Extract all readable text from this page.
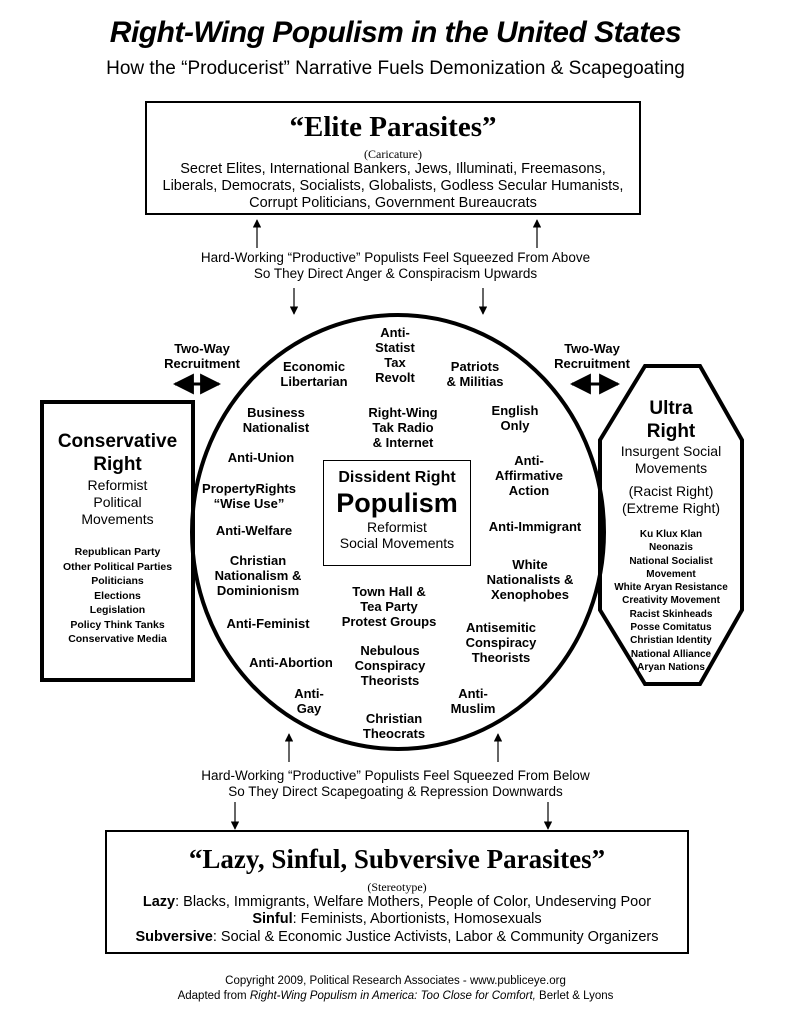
Right-Wing Populism in the United States
How the “Producerist” Narrative Fuels Demonization & Scapegoating
“Elite Parasites”
(Caricature)
Secret Elites, International Bankers, Jews, Illuminati, Freemasons,
Liberals, Democrats, Socialists, Globalists, Godless Secular Humanists,
Corrupt Politicians, Government Bureaucrats
Hard-Working “Productive” Populists Feel Squeezed From Above
So They Direct Anger & Conspiracism Upwards
Two-Way
Recruitment
Two-Way
Recruitment
Conservative
Right
Reformist
Political
Movements
Republican Party
Other Political Parties
Politicians
Elections
Legislation
Policy Think Tanks
Conservative Media
Ultra
Right
Insurgent Social
Movements
(Racist Right)
(Extreme Right)
Ku Klux Klan
Neonazis
National Socialist
Movement
White Aryan Resistance
Creativity Movement
Racist Skinheads
Posse Comitatus
Christian Identity
National Alliance
Aryan Nations
Dissident Right
Populism
Reformist
Social Movements
Anti-
Statist
Tax
Revolt
Economic
Libertarian
Patriots
& Militias
Business
Nationalist
Right-Wing
Tak Radio
& Internet
English
Only
Anti-Union
PropertyRights
“Wise Use”
Anti-
Affirmative
Action
Anti-Welfare	Anti-Immigrant
Christian
Nationalism &
Dominionism
White
Nationalists &
Xenophobes
Town Hall &
Tea Party
Protest Groups
Anti-Feminist	Antisemitic
Conspiracy
Theorists
Nebulous
Conspiracy
Theorists
Anti-Abortion
Anti-
Gay
Anti-
Muslim
Christian
Theocrats
Hard-Working “Productive” Populists Feel Squeezed From Below
So They Direct Scapegoating & Repression Downwards
“Lazy, Sinful, Subversive Parasites”
(Stereotype)
Lazy: Blacks, Immigrants, Welfare Mothers, People of Color, Undeserving Poor
Sinful: Feminists, Abortionists, Homosexuals
Subversive: Social & Economic Justice Activists, Labor & Community Organizers
Copyright 2009, Political Research Associates - www.publiceye.org
Adapted from Right-Wing Populism in America: Too Close for Comfort, Berlet & Lyons
